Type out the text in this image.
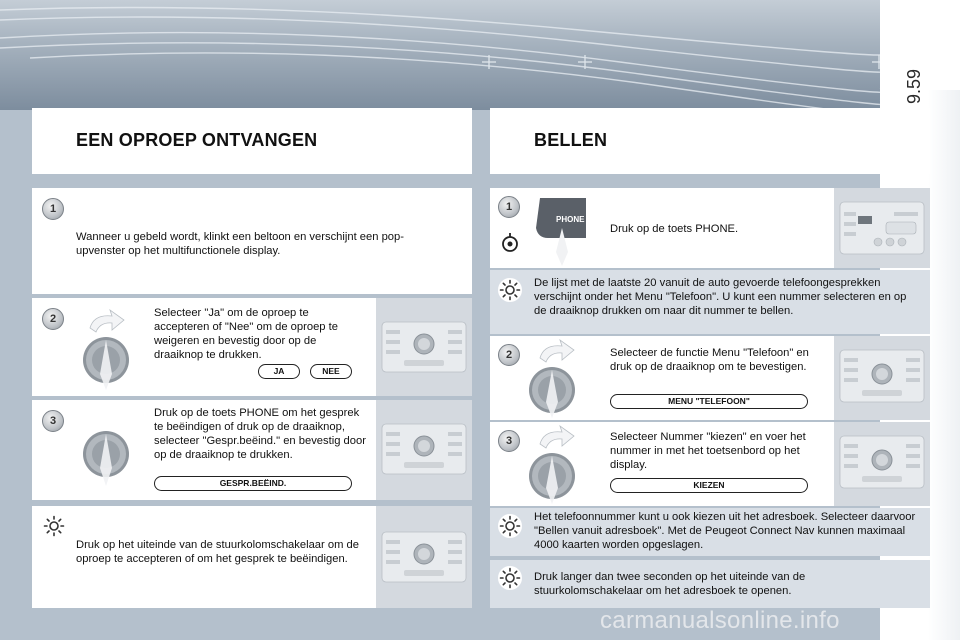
9.59
EEN OPROEP ONTVANGEN
1
Wanneer u gebeld wordt, klinkt een beltoon en verschijnt een pop-upvenster op het multifunctionele display.
2	Selecteer "Ja" om de oproep te accepteren of "Nee" om de oproep te weigeren en bevestig door op de draaiknop te drukken.
JA	NEE
3
Druk op de toets PHONE om het gesprek te beëindigen of druk op de draaiknop, selecteer "Gespr.beëind." en bevestig door op de draaiknop te drukken.
GESPR.BEËIND.
Druk op het uiteinde van de stuurkolomschakelaar om de oproep te accepteren of om het gesprek te beëindigen.
BELLEN
1
PHONE
Druk op de toets PHONE.
De lijst met de laatste 20 vanuit de auto gevoerde telefoongesprekken verschijnt onder het Menu "Telefoon". U kunt een nummer selecteren en op de draaiknop drukken om naar dit nummer te bellen.
2	Selecteer de functie Menu "Telefoon" en druk op de draaiknop om te bevestigen.
MENU "TELEFOON"
3	Selecteer Nummer "kiezen" en voer het nummer in met het toetsenbord op het display.
KIEZEN
Het telefoonnummer kunt u ook kiezen uit het adresboek. Selecteer daarvoor "Bellen vanuit adresboek". Met de Peugeot Connect Nav kunnen maximaal 4000 kaarten worden opgeslagen.
Druk langer dan twee seconden op het uiteinde van de stuurkolomschakelaar om het adresboek te openen.
carmanualsonline.info
